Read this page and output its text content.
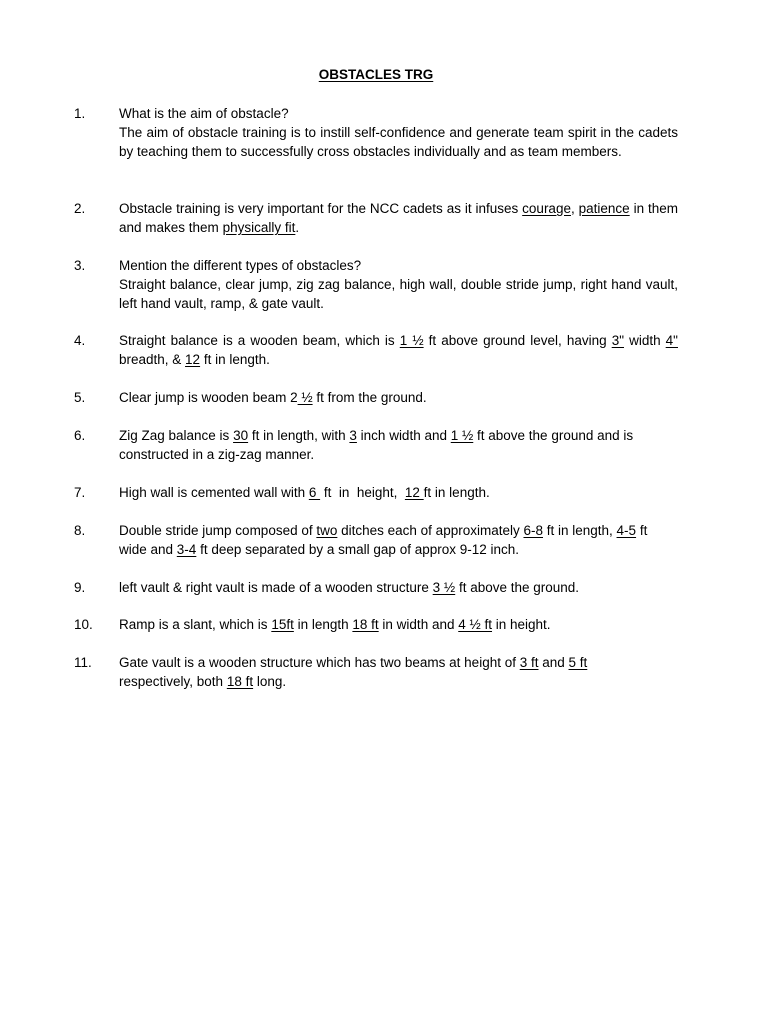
OBSTACLES TRG
1.	What is the aim of obstacle?
The aim of obstacle training is to instill self-confidence and generate team spirit in the cadets by teaching them to successfully cross obstacles individually and as team members.
2.	Obstacle training is very important for the NCC cadets as it infuses courage, patience in them and makes them physically fit.
3.	Mention the different types of obstacles?
Straight balance, clear jump, zig zag balance, high wall, double stride jump, right hand vault, left hand vault, ramp, & gate vault.
4.	Straight balance is a wooden beam, which is 1 ½ ft above ground level, having 3" width 4" breadth, & 12 ft in length.
5.	Clear jump is wooden beam 2 ½ ft from the ground.
6.	Zig Zag balance is 30 ft in length, with 3 inch width and 1 ½ ft above the ground and is constructed in a zig-zag manner.
7.	High wall is cemented wall with 6  ft  in  height,  12 ft in length.
8.	Double stride jump composed of two ditches each of approximately 6-8 ft in length, 4-5 ft wide and 3-4 ft deep separated by a small gap of approx 9-12 inch.
9.	left vault & right vault is made of a wooden structure 3 ½ ft above the ground.
10.	Ramp is a slant, which is 15ft in length 18 ft in width and 4 ½ ft in height.
11.	Gate vault is a wooden structure which has two beams at height of 3 ft and 5 ft respectively, both 18 ft long.
